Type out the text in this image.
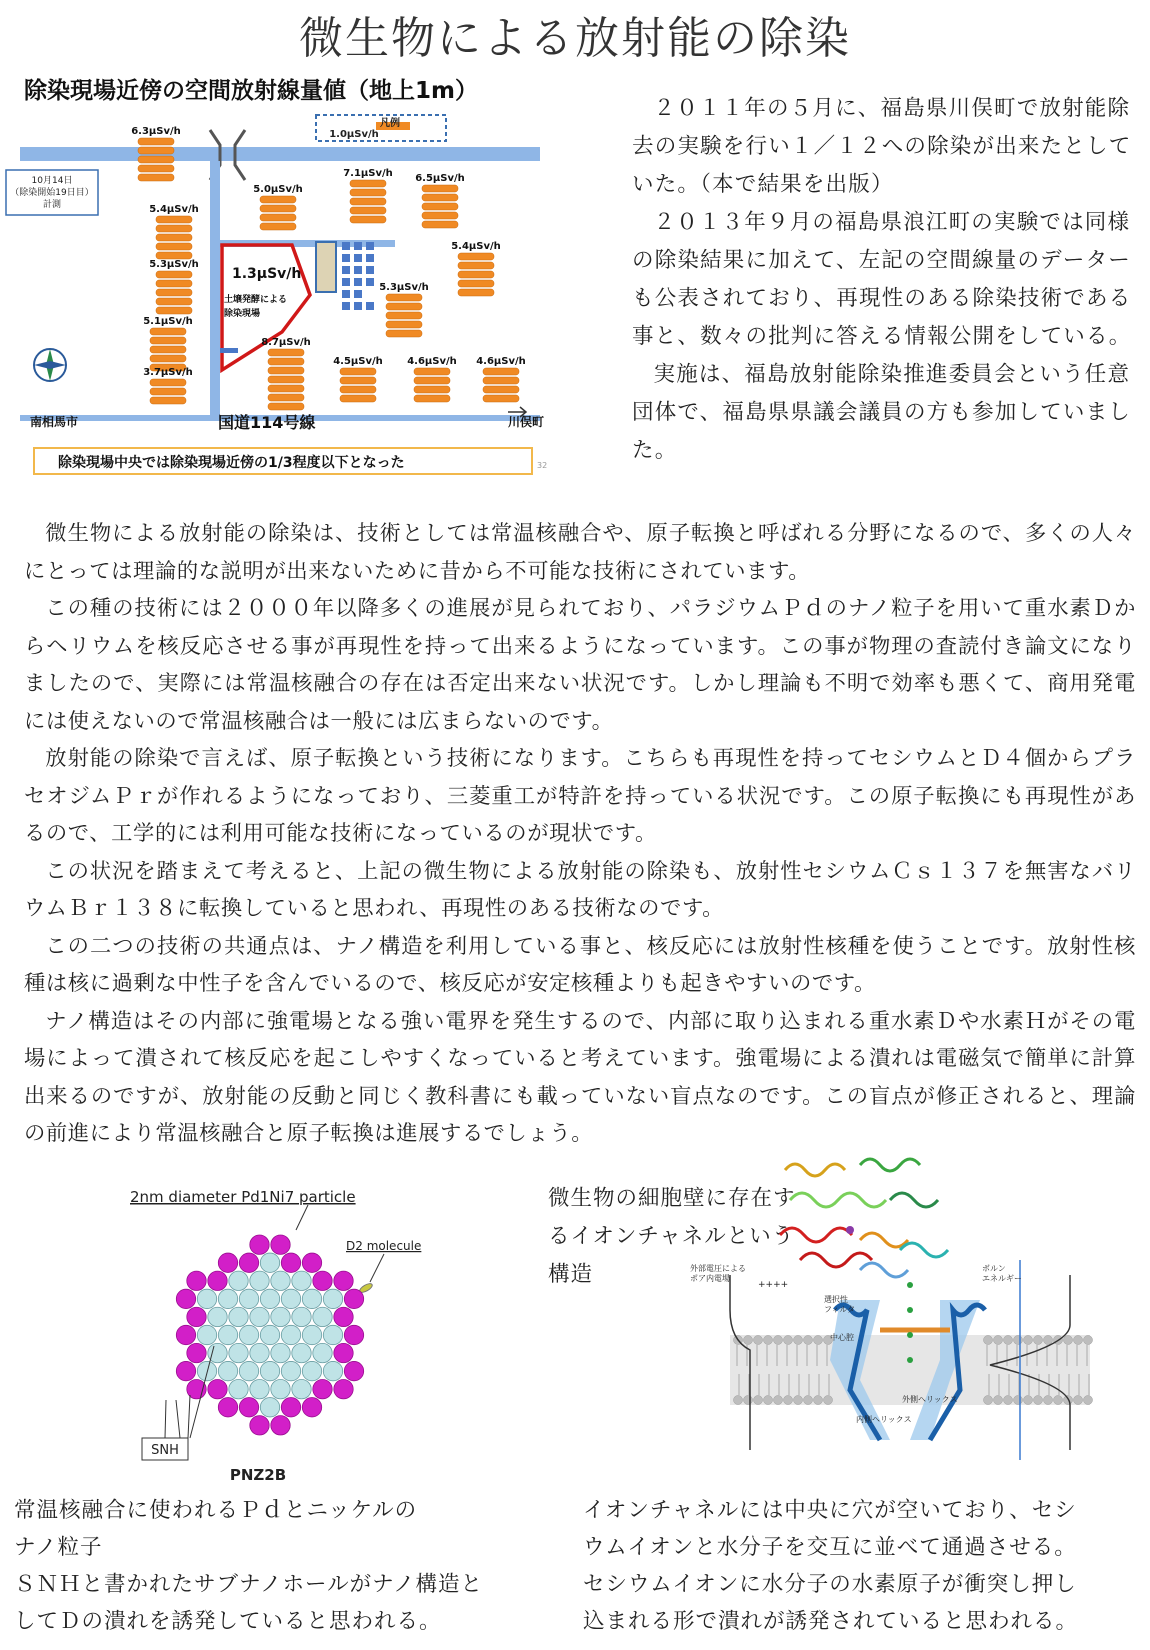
微生物による放射能の除染
除染現場近傍の空間放射線量値（地上1m）
凡例
1.0μSv/h
10月14日
（除染開始19日目）
計測
1.3μSv/h
土壌発酵による
除染現場
6.3μSv/h
7.1μSv/h 6.5μSv/h
5.0μSv/h
5.4μSv/h
5.4μSv/h
5.3μSv/h
5.3μSv/h
5.1μSv/h
8.7μSv/h
3.7μSv/h
4.5μSv/h 4.6μSv/h 4.6μSv/h
南相馬市	国道114号線	川俣町
除染現場中央では除染現場近傍の1/3程度以下となった	32

２０１１年の５月に、福島県川俣町で放射能除去の実験を行い１／１２への除染が出来たとしていた。（本で結果を出版）

２０１３年９月の福島県浪江町の実験では同様の除染結果に加えて、左記の空間線量のデーターも公表されており、再現性のある除染技術である事と、数々の批判に答える情報公開をしている。

実施は、福島放射能除染推進委員会という任意団体で、福島県県議会議員の方も参加していました。

微生物による放射能の除染は、技術としては常温核融合や、原子転換と呼ばれる分野になるので、多くの人々にとっては理論的な説明が出来ないために昔から不可能な技術にされています。

この種の技術には２０００年以降多くの進展が見られており、パラジウムＰｄのナノ粒子を用いて重水素Ｄからヘリウムを核反応させる事が再現性を持って出来るようになっています。この事が物理の査読付き論文になりましたので、実際には常温核融合の存在は否定出来ない状況です。しかし理論も不明で効率も悪くて、商用発電には使えないので常温核融合は一般には広まらないのです。

放射能の除染で言えば、原子転換という技術になります。こちらも再現性を持ってセシウムとＤ４個からプラセオジムＰｒが作れるようになっており、三菱重工が特許を持っている状況です。この原子転換にも再現性があるので、工学的には利用可能な技術になっているのが現状です。

この状況を踏まえて考えると、上記の微生物による放射能の除染も、放射性セシウムＣｓ１３７を無害なバリウムＢｒ１３８に転換していると思われ、再現性のある技術なのです。

この二つの技術の共通点は、ナノ構造を利用している事と、核反応には放射性核種を使うことです。放射性核種は核に過剰な中性子を含んでいるので、核反応が安定核種よりも起きやすいのです。

ナノ構造はその内部に強電場となる強い電界を発生するので、内部に取り込まれる重水素Ｄや水素Ｈがその電場によって潰されて核反応を起こしやすくなっていると考えています。強電場による潰れは電磁気で簡単に計算出来るのですが、放射能の反動と同じく教科書にも載っていない盲点なのです。この盲点が修正されると、理論の前進により常温核融合と原子転換は進展するでしょう。

2nm diameter Pd1Ni7 particle
D2 molecule
SNH
PNZ2B
微生物の細胞壁に存在するイオンチャネルという構造	外部電圧による
ポア内電場
++++
選択性
フィルタ
中心腔
外側ヘリックス
内側ヘリックス
ボルン
エネルギー

常温核融合に使われるＰｄとニッケルの

ナノ粒子

ＳＮＨと書かれたサブナノホールがナノ構造と

してＤの潰れを誘発していると思われる。

イオンチャネルには中央に穴が空いており、セシ

ウムイオンと水分子を交互に並べて通過させる。

セシウムイオンに水分子の水素原子が衝突し押し

込まれる形で潰れが誘発されていると思われる。
